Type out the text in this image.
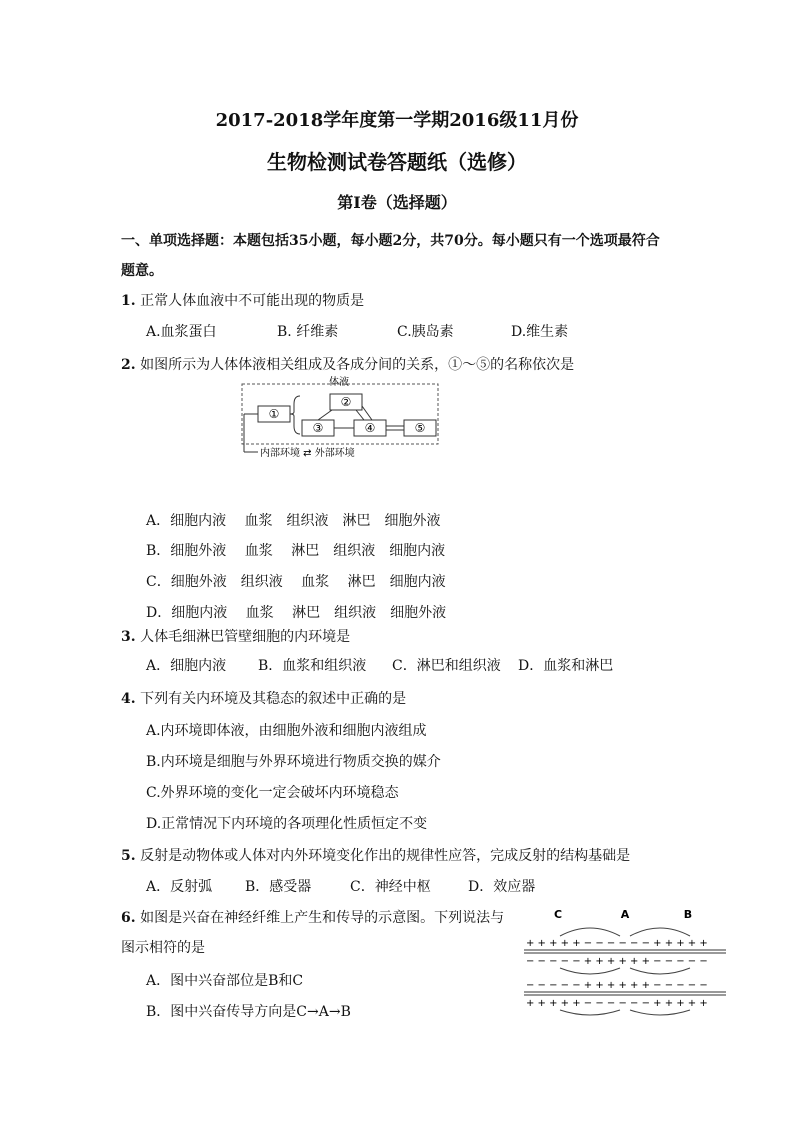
2017-2018学年度第一学期2016级11月份
生物检测试卷答题纸（选修）
第Ⅰ卷（选择题）
一、单项选择题：本题包括35小题，每小题2分，共70分。每小题只有一个选项最符合
题意。
1. 正常人体血液中不可能出现的物质是
A.血浆蛋白	B. 纤维素	C.胰岛素	D.维生素
2. 如图所示为人体体液相关组成及各成分间的关系，①～⑤的名称依次是
体液
①
②
③	④	⑤
内部环境 ⇄ 外部环境
A．细胞内液　 血浆　组织液　淋巴　细胞外液
B．细胞外液　 血浆　 淋巴　组织液　细胞内液
C．细胞外液　组织液　 血浆　 淋巴　细胞内液
D．细胞内液　 血浆　 淋巴　组织液　细胞外液
3. 人体毛细淋巴管壁细胞的内环境是
A．细胞内液 B．血浆和组织液 C．淋巴和组织液 D．血浆和淋巴
4. 下列有关内环境及其稳态的叙述中正确的是
A.内环境即体液，由细胞外液和细胞内液组成
B.内环境是细胞与外界环境进行物质交换的媒介
C.外界环境的变化一定会破坏内环境稳态
D.正常情况下内环境的各项理化性质恒定不变
5. 反射是动物体或人体对内外环境变化作出的规律性应答，完成反射的结构基础是
A．反射弧 B．感受器	C．神经中枢	D．效应器
6. 如图是兴奋在神经纤维上产生和传导的示意图。下列说法与
图示相符的是
C	A	B
+ + + + + − − − − − − + + + + +
− − − − − + + + + + + − − − − −
− − − − − + + + + + + − − − − −
+ + + + + − − − − − − + + + + +
A．图中兴奋部位是B和C
B．图中兴奋传导方向是C→A→B
